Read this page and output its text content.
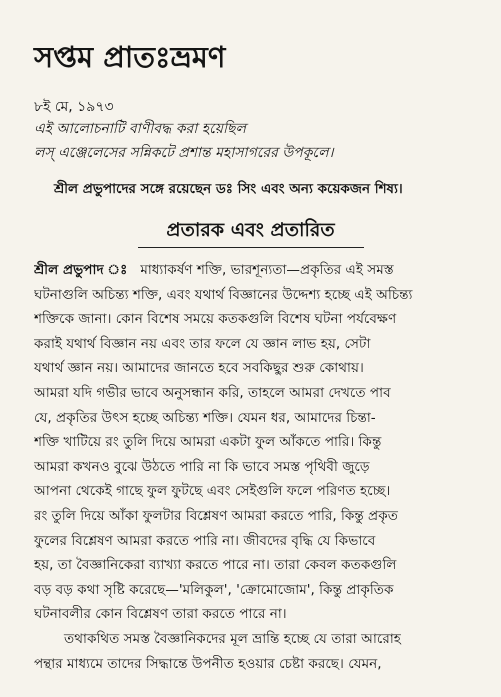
সপ্তম প্রাতঃভ্রমণ
৮ই মে, ১৯৭৩
এই আলোচনাটি বাণীবদ্ধ করা হয়েছিল
লস্ এঞ্জেলেসের সন্নিকটে প্রশান্ত মহাসাগরের উপকূলে।
শ্রীল প্রভুপাদের সঙ্গে রয়েছেন ডঃ সিং এবং অন্য কয়েকজন শিষ্য।
প্রতারক এবং প্রতারিত
শ্রীল প্রভুপাদ ঃ মাধ্যাকর্ষণ শক্তি, ভারশূন্যতা—প্রকৃতির এই সমস্ত
ঘটনাগুলি অচিন্ত্য শক্তি, এবং যথার্থ বিজ্ঞানের উদ্দেশ্য হচ্ছে এই অচিন্ত্য
শক্তিকে জানা। কোন বিশেষ সময়ে কতকগুলি বিশেষ ঘটনা পর্যবেক্ষণ
করাই যথার্থ বিজ্ঞান নয় এবং তার ফলে যে জ্ঞান লাভ হয়, সেটা
যথার্থ জ্ঞান নয়। আমাদের জানতে হবে সবকিছুর শুরু কোথায়।
আমরা যদি গভীর ভাবে অনুসন্ধান করি, তাহলে আমরা দেখতে পাব
যে, প্রকৃতির উৎস হচ্ছে অচিন্ত্য শক্তি। যেমন ধর, আমাদের চিন্তা-
শক্তি খাটিয়ে রং তুলি দিয়ে আমরা একটা ফুল আঁকতে পারি। কিন্তু
আমরা কখনও বুঝে উঠতে পারি না কি ভাবে সমস্ত পৃথিবী জুড়ে
আপনা থেকেই গাছে ফুল ফুটছে এবং সেইগুলি ফলে পরিণত হচ্ছে।
রং তুলি দিয়ে আঁকা ফুলটার বিশ্লেষণ আমরা করতে পারি, কিন্তু প্রকৃত
ফুলের বিশ্লেষণ আমরা করতে পারি না। জীবদের বৃদ্ধি যে কিভাবে
হয়, তা বৈজ্ঞানিকেরা ব্যাখ্যা করতে পারে না। তারা কেবল কতকগুলি
বড় বড় কথা সৃষ্টি করেছে—'মলিকুল', 'ক্রোমোজোম', কিন্তু প্রাকৃতিক
ঘটনাবলীর কোন বিশ্লেষণ তারা করতে পারে না।
তথাকথিত সমস্ত বৈজ্ঞানিকদের মূল ভ্রান্তি হচ্ছে যে তারা আরোহ
পন্থার মাধ্যমে তাদের সিদ্ধান্তে উপনীত হওয়ার চেষ্টা করছে। যেমন,
